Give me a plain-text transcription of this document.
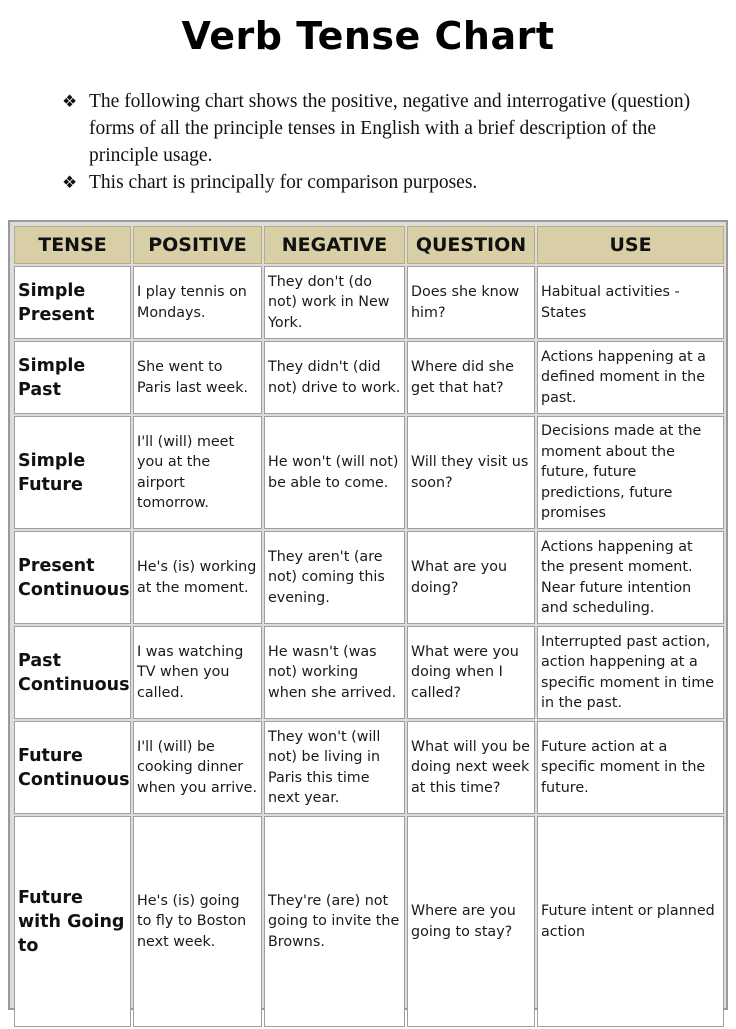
Verb Tense Chart
❖ The following chart shows the positive, negative and interrogative (question) forms of all the principle tenses in English with a brief description of the principle usage.
❖ This chart is principally for comparison purposes.
TENSE	POSITIVE	NEGATIVE	QUESTION	USE
Simple Present	I play tennis on Mondays.	They don't (do not) work in New York.	Does she know him?	Habitual activities - States
Simple Past	She went to Paris last week.	They didn't (did not) drive to work.	Where did she get that hat?	Actions happening at a defined moment in the past.
Simple Future	I'll (will) meet you at the airport tomorrow.	He won't (will not) be able to come.	Will they visit us soon?	Decisions made at the moment about the future, future predictions, future promises
Present Continuous	He's (is) working at the moment.	They aren't (are not) coming this evening.	What are you doing?	Actions happening at the present moment. Near future intention and scheduling.
Past Continuous	I was watching TV when you called.	He wasn't (was not) working when she arrived.	What were you doing when I called?	Interrupted past action, action happening at a specific moment in time in the past.
Future Continuous	I'll (will) be cooking dinner when you arrive.	They won't (will not) be living in Paris this time next year.	What will you be doing next week at this time?	Future action at a specific moment in the future.
Future with Going to	He's (is) going to fly to Boston next week.	They're (are) not going to invite the Browns.	Where are you going to stay?	Future intent or planned action
